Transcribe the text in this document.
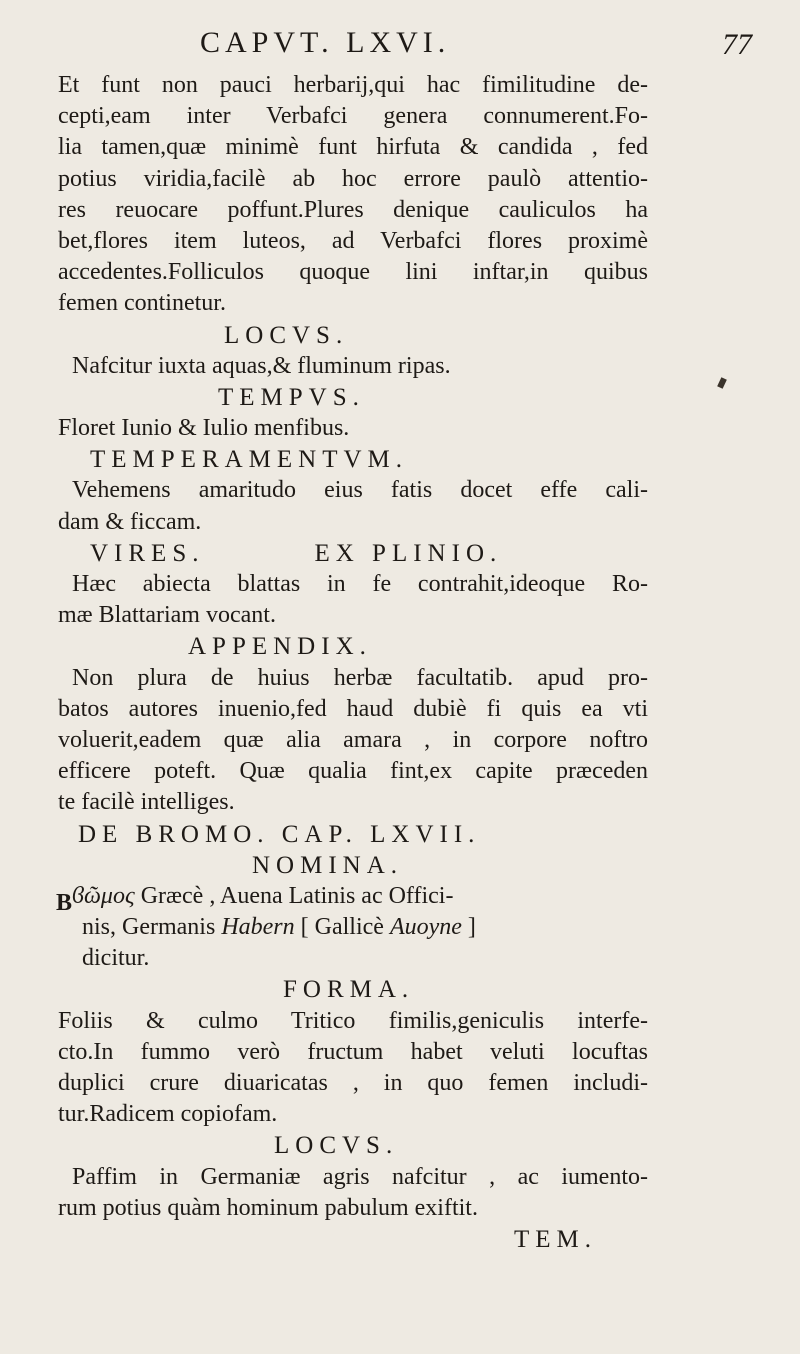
CAPVT. LXVI.	77
B
Et funt non pauci herbarij,qui hac fimilitudine de-
cepti,eam inter Verbafci genera connumerent.Fo-
lia tamen,quæ minimè funt hirfuta & candida , fed
potius viridia,facilè ab hoc errore paulò attentio-
res reuocare poffunt.Plures denique cauliculos ha
bet,flores item luteos, ad Verbafci flores proximè
accedentes.Folliculos quoque lini inftar,in quibus
femen continetur.
LOCVS.
Nafcitur iuxta aquas,& fluminum ripas.
TEMPVS.
Floret Iunio & Iulio menfibus.
TEMPERAMENTVM.
Vehemens amaritudo eius fatis docet effe cali-
dam & ficcam.
VIRES.	EX PLINIO.
Hæc abiecta blattas in fe contrahit,ideoque Ro-
mæ Blattariam vocant.
APPENDIX.
Non plura de huius herbæ facultatib. apud pro-
batos autores inuenio,fed haud dubiè fi quis ea vti
voluerit,eadem quæ alia amara , in corpore noftro
efficere poteft. Quæ qualia fint,ex capite præceden
te facilè intelliges.
DE BROMO. CAP. LXVII.
NOMINA.
ϐῶμος Græcè , Auena Latinis ac Offici-
nis, Germanis Habern [ Gallicè Auoyne ]
dicitur.
FORMA.
Foliis & culmo Tritico fimilis,geniculis interfe-
cto.In fummo verò fructum habet veluti locuftas
duplici crure diuaricatas , in quo femen includi-
tur.Radicem copiofam.
LOCVS.
Paffim in Germaniæ agris nafcitur , ac iumento-
rum potius quàm hominum pabulum exiftit.
TEM.
